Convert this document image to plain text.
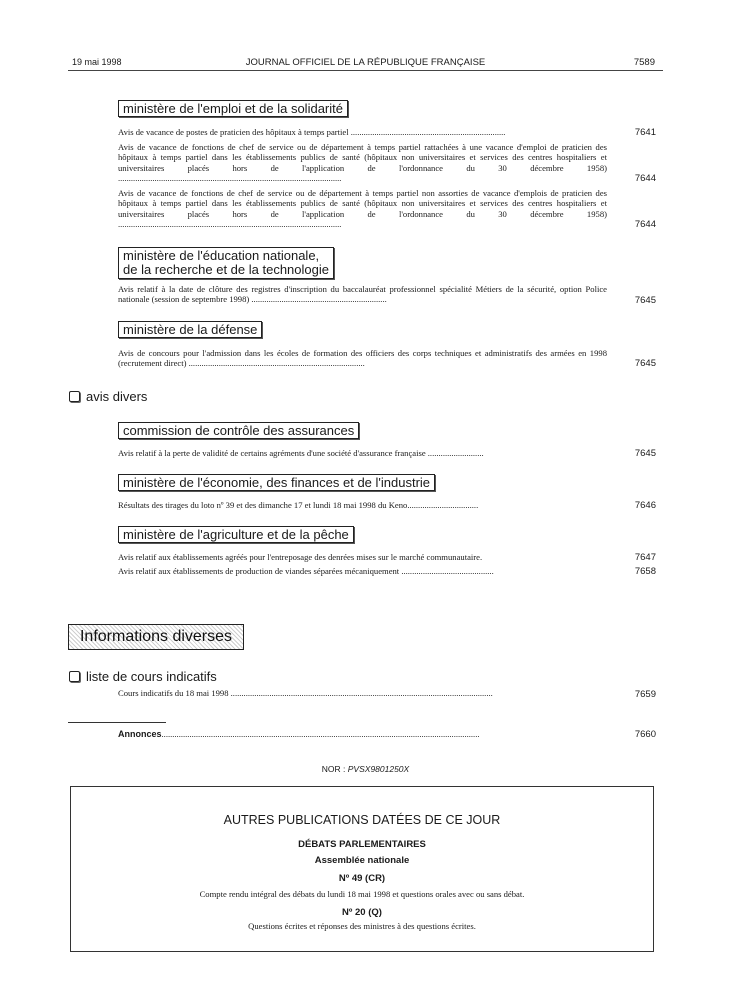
19 mai 1998	JOURNAL OFFICIEL DE LA RÉPUBLIQUE FRANÇAISE	7589
ministère de l'emploi et de la solidarité
Avis de vacance de postes de praticien des hôpitaux à temps partiel ........................................................................	7641
Avis de vacance de fonctions de chef de service ou de département à temps partiel rattachées à une vacance d'emploi de praticien des hôpitaux à temps partiel dans les établissements publics de santé (hôpitaux non universitaires et services des centres hospitaliers et universitaires placés hors de l'application de l'ordonnance du 30 décembre 1958) ........................................................................................................	7644
Avis de vacance de fonctions de chef de service ou de département à temps partiel non assorties de vacance d'emplois de praticien des hôpitaux à temps partiel dans les établissements publics de santé (hôpitaux non universitaires et services des centres hospitaliers et universitaires placés hors de l'application de l'ordonnance du 30 décembre 1958) ........................................................................................................	7644
ministère de l'éducation nationale,
de la recherche et de la technologie
Avis relatif à la date de clôture des registres d'inscription du baccalauréat professionnel spécialité Métiers de la sécurité, option Police nationale (session de septembre 1998) ...............................................................	7645
ministère de la défense
Avis de concours pour l'admission dans les écoles de formation des officiers des corps techniques et administratifs des armées en 1998 (recrutement direct) ..................................................................................	7645
avis divers
commission de contrôle des assurances
Avis relatif à la perte de validité de certains agréments d'une société d'assurance française ..........................	7645
ministère de l'économie, des finances et de l'industrie
Résultats des tirages du loto nº 39 et des dimanche 17 et lundi 18 mai 1998 du Keno.................................	7646
ministère de l'agriculture et de la pêche
Avis relatif aux établissements agréés pour l'entreposage des denrées mises sur le marché communautaire.	7647
Avis relatif aux établissements de production de viandes séparées mécaniquement ...........................................	7658
Informations diverses
liste de cours indicatifs
Cours indicatifs du 18 mai 1998 ..........................................................................................................................	7659
Annonces....................................................................................................................................................	7660
NOR : PVSX9801250X
AUTRES PUBLICATIONS DATÉES DE CE JOUR
DÉBATS PARLEMENTAIRES
Assemblée nationale
Nº 49 (CR)
Compte rendu intégral des débats du lundi 18 mai 1998 et questions orales avec ou sans débat.
Nº 20 (Q)
Questions écrites et réponses des ministres à des questions écrites.
